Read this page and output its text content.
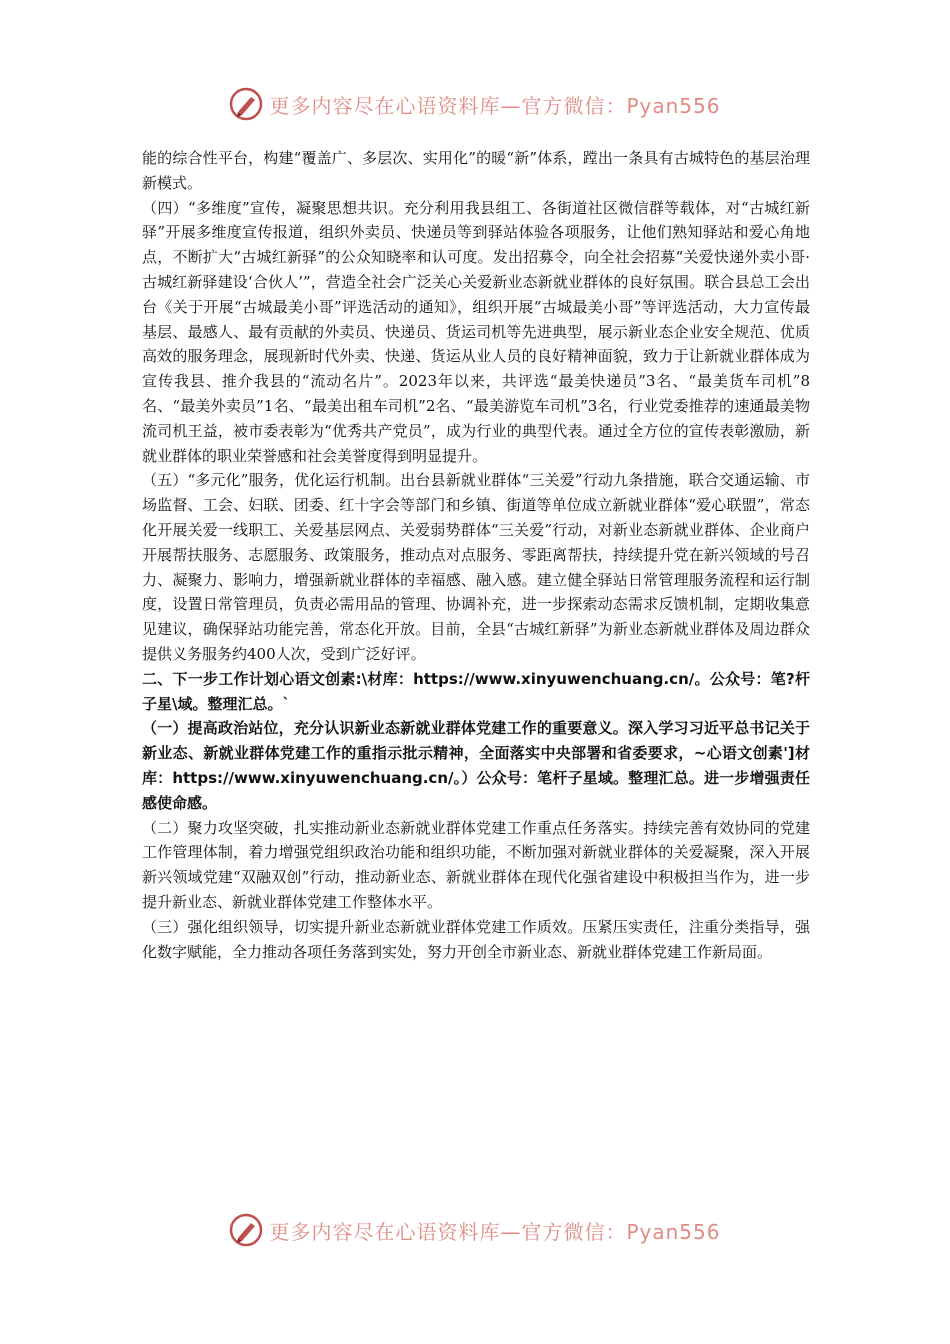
更多内容尽在心语资料库—官方微信：Pyan556

能的综合性平台，构建“覆盖广、多层次、实用化”的暖“新”体系，蹚出一条具有古城特色的基层治理新模式。

（四）“多维度”宣传，凝聚思想共识。充分利用我县组工、各街道社区微信群等载体，对“古城红新驿”开展多维度宣传报道，组织外卖员、快递员等到驿站体验各项服务，让他们熟知驿站和爱心角地点，不断扩大“古城红新驿”的公众知晓率和认可度。发出招募令，向全社会招募“关爱快递外卖小哥·古城红新驿建设‘合伙人’”，营造全社会广泛关心关爱新业态新就业群体的良好氛围。联合县总工会出台《关于开展“古城最美小哥”评选活动的通知》，组织开展“古城最美小哥”等评选活动，大力宣传最基层、最感人、最有贡献的外卖员、快递员、货运司机等先进典型，展示新业态企业安全规范、优质高效的服务理念，展现新时代外卖、快递、货运从业人员的良好精神面貌，致力于让新就业群体成为宣传我县、推介我县的“流动名片”。2023年以来，共评选“最美快递员”3名、“最美货车司机”8名、“最美外卖员”1名、“最美出租车司机”2名、“最美游览车司机”3名，行业党委推荐的速通最美物流司机王益，被市委表彰为“优秀共产党员”，成为行业的典型代表。通过全方位的宣传表彰激励，新就业群体的职业荣誉感和社会美誉度得到明显提升。

（五）“多元化”服务，优化运行机制。出台县新就业群体“三关爱”行动九条措施，联合交通运输、市场监督、工会、妇联、团委、红十字会等部门和乡镇、街道等单位成立新就业群体“爱心联盟”，常态化开展关爱一线职工、关爱基层网点、关爱弱势群体“三关爱”行动，对新业态新就业群体、企业商户开展帮扶服务、志愿服务、政策服务，推动点对点服务、零距离帮扶，持续提升党在新兴领域的号召力、凝聚力、影响力，增强新就业群体的幸福感、融入感。建立健全驿站日常管理服务流程和运行制度，设置日常管理员，负责必需用品的管理、协调补充，进一步探索动态需求反馈机制，定期收集意见建议，确保驿站功能完善，常态化开放。目前，全县“古城红新驿”为新业态新就业群体及周边群众提供义务服务约400人次，受到广泛好评。

二、下一步工作计划心语文创素:\材库：https://www.xinyuwenchuang.cn/。公众号：笔?杆子星\域。整理汇总。`

（一）提高政治站位，充分认识新业态新就业群体党建工作的重要意义。深入学习习近平总书记关于新业态、新就业群体党建工作的重指示批示精神，全面落实中央部署和省委要求，~心语文创素']材库：https://www.xinyuwenchuang.cn/。）公众号：笔杆子星域。整理汇总。进一步增强责任感使命感。

（二）聚力攻坚突破，扎实推动新业态新就业群体党建工作重点任务落实。持续完善有效协同的党建工作管理体制，着力增强党组织政治功能和组织功能，不断加强对新就业群体的关爱凝聚，深入开展新兴领域党建“双融双创”行动，推动新业态、新就业群体在现代化强省建设中积极担当作为，进一步提升新业态、新就业群体党建工作整体水平。

（三）强化组织领导，切实提升新业态新就业群体党建工作质效。压紧压实责任，注重分类指导，强化数字赋能，全力推动各项任务落到实处，努力开创全市新业态、新就业群体党建工作新局面。

更多内容尽在心语资料库—官方微信：Pyan556
